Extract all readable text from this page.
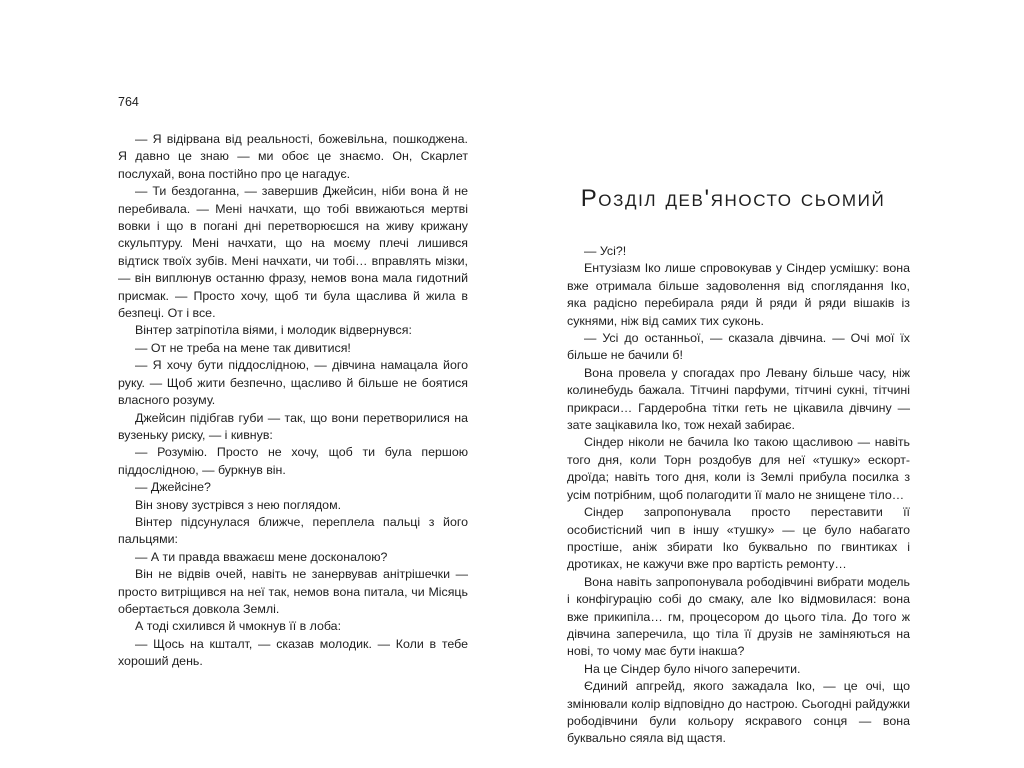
764

— Я відірвана від реальності, божевільна, пошкоджена. Я давно це знаю — ми обоє це знаємо. Он, Скарлет послухай, вона постійно про це нагадує.

— Ти бездоганна, — завершив Джейсин, ніби вона й не перебивала. — Мені начхати, що тобі ввижаються мертві вовки і що в погані дні перетворюєшся на живу крижану скульптуру. Мені начхати, що на моєму плечі лишився відтиск твоїх зубів. Мені начхати, чи тобі… вправлять мізки, — він виплюнув останню фразу, немов вона мала гидотний присмак. — Просто хочу, щоб ти була щаслива й жила в безпеці. От і все.

Вінтер затріпотіла віями, і молодик відвернувся:

— От не треба на мене так дивитися!

— Я хочу бути піддослідною, — дівчина намацала його руку. — Щоб жити безпечно, щасливо й більше не боятися власного розуму.

Джейсин підібгав губи — так, що вони перетворилися на вузеньку риску, — і кивнув:

— Розумію. Просто не хочу, щоб ти була першою піддослідною, — буркнув він.

— Джейсіне?

Він знову зустрівся з нею поглядом.

Вінтер підсунулася ближче, переплела пальці з його пальцями:

— А ти правда вважаєш мене досконалою?

Він не відвів очей, навіть не занервував анітрішечки — просто витріщився на неї так, немов вона питала, чи Місяць обертається довкола Землі.

А тоді схилився й чмокнув її в лоба:

— Щось на кшталт, — сказав молодик. — Коли в тебе хороший день.

Розділ дев'яносто сьомий

— Усі?!

Ентузіазм Іко лише спровокував у Сіндер усмішку: вона вже отримала більше задоволення від споглядання Іко, яка радісно перебирала ряди й ряди й ряди вішаків із сукнями, ніж від самих тих суконь.

— Усі до останньої, — сказала дівчина. — Очі мої їх більше не бачили б!

Вона провела у спогадах про Левану більше часу, ніж колинебудь бажала. Тітчині парфуми, тітчині сукні, тітчині прикраси… Гардеробна тітки геть не цікавила дівчину — зате зацікавила Іко, тож нехай забирає.

Сіндер ніколи не бачила Іко такою щасливою — навіть того дня, коли Торн роздобув для неї «тушку» ескорт-дроїда; навіть того дня, коли із Землі прибула посилка з усім потрібним, щоб полагодити її мало не знищене тіло…

Сіндер запропонувала просто переставити її особистісний чип в іншу «тушку» — це було набагато простіше, аніж збирати Іко буквально по гвинтиках і дротиках, не кажучи вже про вартість ремонту…

Вона навіть запропонувала рободівчині вибрати модель і конфігурацію собі до смаку, але Іко відмовилася: вона вже прикипіла… гм, процесором до цього тіла. До того ж дівчина заперечила, що тіла її друзів не заміняються на нові, то чому має бути інакша?

На це Сіндер було нічого заперечити.

Єдиний апгрейд, якого зажадала Іко, — це очі, що змінювали колір відповідно до настрою. Сьогодні райдужки рободівчини були кольору яскравого сонця — вона буквально сяяла від щастя.
